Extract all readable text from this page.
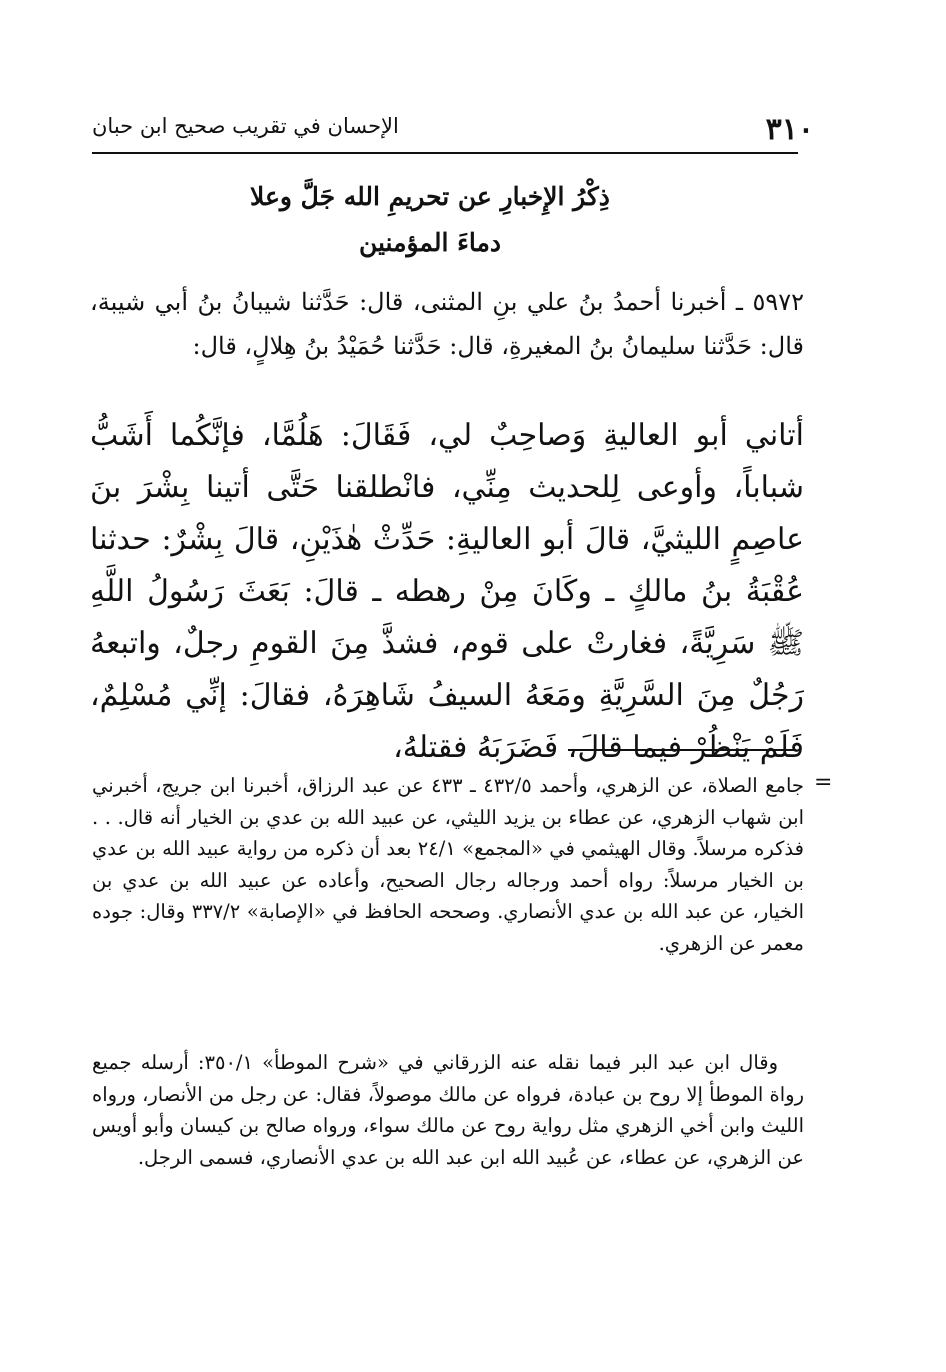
٣١٠
الإحسان في تقريب صحيح ابن حبان
ذِكْرُ الإِخبارِ عن تحريمِ الله جَلَّ وعلا
دماءَ المؤمنين
٥٩٧٢ ـ أخبرنا أحمدُ بنُ علي بنِ المثنى، قال: حَدَّثنا شيبانُ بنُ أبي شيبة، قال: حَدَّثنا سليمانُ بنُ المغيرةِ، قال: حَدَّثنا حُمَيْدُ بنُ هِلالٍ، قال:
أتاني أبو العاليةِ وَصاحِبٌ لي، فَقَالَ: هَلُمَّا، فإنَّكُما أَشَبُّ شباباً، وأوعى لِلحديث مِنِّي، فانْطلقنا حَتَّى أتينا بِشْرَ بنَ عاصِمٍ الليثيَّ، قالَ أبو العاليةِ: حَدِّثْ هٰذَيْنِ، قالَ بِشْرٌ: حدثنا عُقْبَةُ بنُ مالكٍ ـ وكَانَ مِنْ رهطه ـ قالَ: بَعَثَ رَسُولُ اللَّهِ ﷺ سَرِيَّةً، فغارتْ على قوم، فشذَّ مِنَ القومِ رجلٌ، واتبعهُ رَجُلٌ مِنَ السَّرِيَّةِ ومَعَهُ السيفُ شَاهِرَهُ، فقالَ: إنِّي مُسْلِمٌ، فَلَمْ يَنْظُرْ فيما قالَ، فَضَرَبَهُ فقتلهُ،
=

جامع الصلاة، عن الزهري، وأحمد ٤٣٢/٥ ـ ٤٣٣ عن عبد الرزاق، أخبرنا ابن جريج، أخبرني ابن شهاب الزهري، عن عطاء بن يزيد الليثي، عن عبيد الله بن عدي بن الخيار أنه قال. . . فذكره مرسلاً. وقال الهيثمي في «المجمع» ٢٤/١ بعد أن ذكره من رواية عبيد الله بن عدي بن الخيار مرسلاً: رواه أحمد ورجاله رجال الصحيح، وأعاده عن عبيد الله بن عدي بن الخيار، عن عبد الله بن عدي الأنصاري. وصححه الحافظ في «الإصابة» ٣٣٧/٢ وقال: جوده معمر عن الزهري.

وقال ابن عبد البر فيما نقله عنه الزرقاني في «شرح الموطأ» ٣٥٠/١: أرسله جميع رواة الموطأ إلا روح بن عبادة، فرواه عن مالك موصولاً، فقال: عن رجل من الأنصار، ورواه الليث وابن أخي الزهري مثل رواية روح عن مالك سواء، ورواه صالح بن كيسان وأبو أويس عن الزهري، عن عطاء، عن عُبيد الله ابن عبد الله بن عدي الأنصاري، فسمى الرجل.
